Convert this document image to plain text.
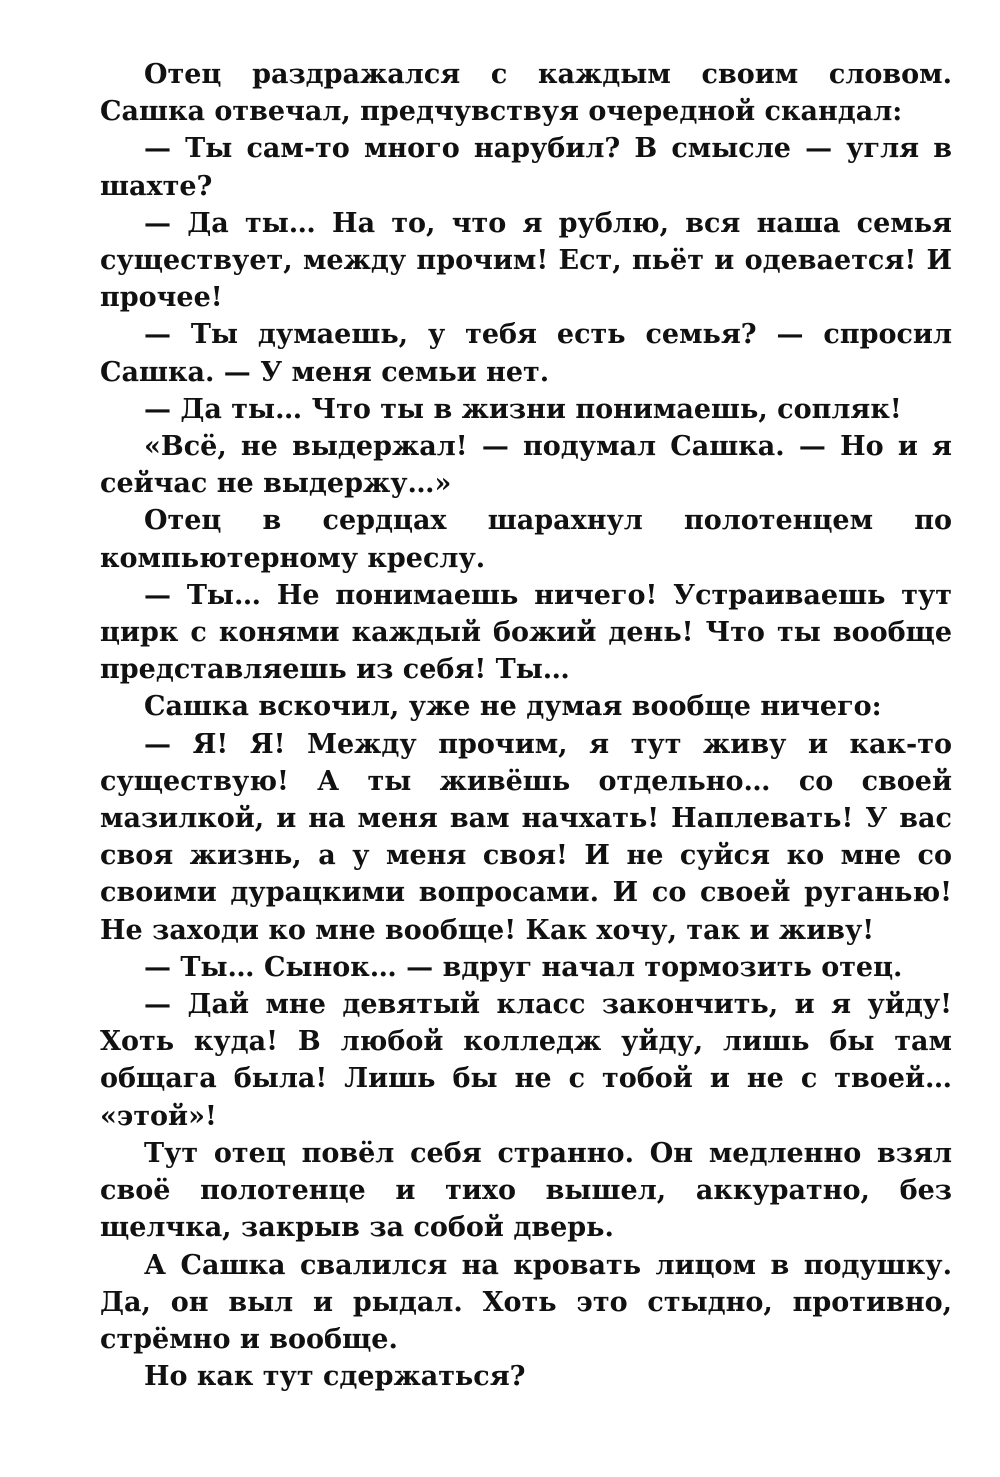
Отец раздражался с каждым своим словом. Сашка отвечал, предчувствуя очередной скандал:

— Ты сам-то много нарубил? В смысле — угля в шахте?

— Да ты… На то, что я рублю, вся наша семья существует, между прочим! Ест, пьёт и одевается! И прочее!

— Ты думаешь, у тебя есть семья? — спросил Сашка. — У меня семьи нет.

— Да ты… Что ты в жизни понимаешь, сопляк!

«Всё, не выдержал! — подумал Сашка. — Но и я сейчас не выдержу…»

Отец в сердцах шарахнул полотенцем по компьютерному креслу.

— Ты… Не понимаешь ничего! Устраиваешь тут цирк с конями каждый божий день! Что ты вообще представляешь из себя! Ты…

Сашка вскочил, уже не думая вообще ничего:

— Я! Я! Между прочим, я тут живу и как-то существую! А ты живёшь отдельно… со своей мазилкой, и на меня вам начхать! Наплевать! У вас своя жизнь, а у меня своя! И не суйся ко мне со своими дурацкими вопросами. И со своей руганью! Не заходи ко мне вообще! Как хочу, так и живу!

— Ты… Сынок… — вдруг начал тормозить отец.

— Дай мне девятый класс закончить, и я уйду! Хоть куда! В любой колледж уйду, лишь бы там общага была! Лишь бы не с тобой и не с твоей… «этой»!

Тут отец повёл себя странно. Он медленно взял своё полотенце и тихо вышел, аккуратно, без щелчка, закрыв за собой дверь.

А Сашка свалился на кровать лицом в подушку. Да, он выл и рыдал. Хоть это стыдно, противно, стрёмно и вообще.

Но как тут сдержаться?
